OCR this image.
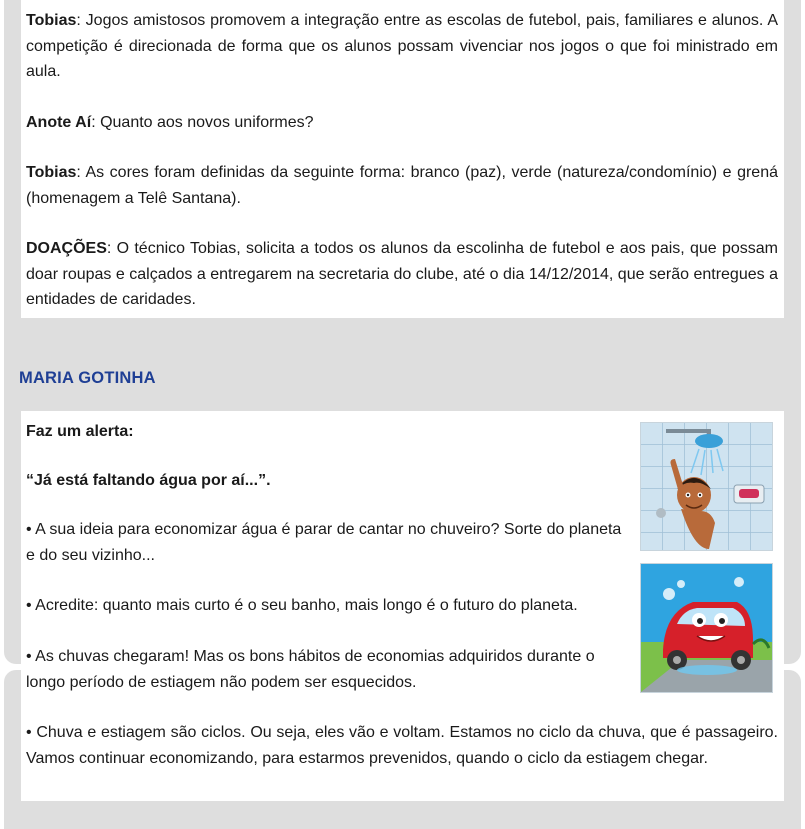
Tobias: Jogos amistosos promovem a integração entre as escolas de futebol, pais, familiares e alunos. A competição é direcionada de forma que os alunos possam vivenciar nos jogos o que foi ministrado em aula.

Anote Aí: Quanto aos novos uniformes?

Tobias: As cores foram definidas da seguinte forma: branco (paz), verde (natureza/condomínio) e grená (homenagem a Telê Santana).

DOAÇÕES: O técnico Tobias, solicita a todos os alunos da escolinha de futebol e aos pais, que possam doar roupas e calçados a entregarem na secretaria do clube, até o dia 14/12/2014, que serão entregues a entidades de caridades.

MARIA GOTINHA

Faz um alerta:

“Já está faltando água por aí...”.

• A sua ideia para economizar água é parar de cantar no chuveiro? Sorte do planeta e do seu vizinho...

• Acredite: quanto mais curto é o seu banho, mais longo é o futuro do planeta.

• As chuvas chegaram! Mas os bons hábitos de economias adquiridos durante o longo período de estiagem não podem ser esquecidos.

• Chuva e estiagem são ciclos. Ou seja, eles vão e voltam. Estamos no ciclo da chuva, que é passageiro. Vamos continuar economizando, para estarmos prevenidos, quando o ciclo da estiagem chegar.
